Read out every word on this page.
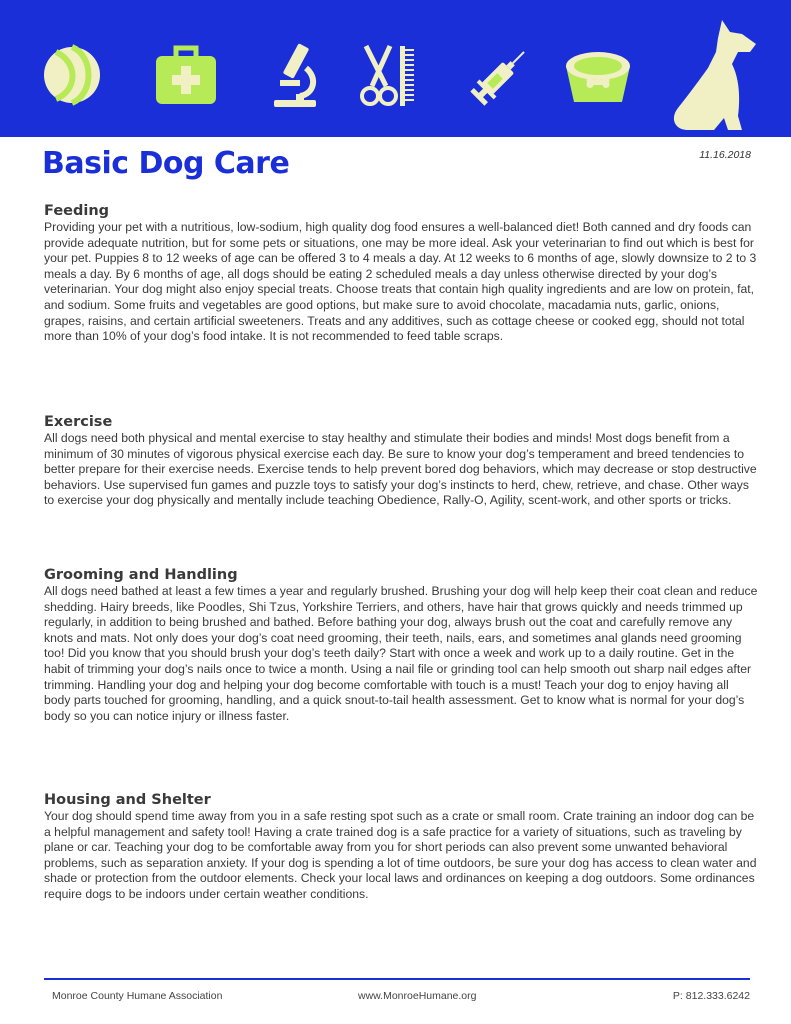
11.16.2018
Basic Dog Care
Feeding

Providing your pet with a nutritious, low-sodium, high quality dog food ensures a well-balanced diet! Both canned and dry foods can provide adequate nutrition, but for some pets or situations, one may be more ideal. Ask your veterinarian to find out which is best for your pet. Puppies 8 to 12 weeks of age can be offered 3 to 4 meals a day. At 12 weeks to 6 months of age, slowly downsize to 2 to 3 meals a day. By 6 months of age, all dogs should be eating 2 scheduled meals a day unless otherwise directed by your dog’s veterinarian. Your dog might also enjoy special treats. Choose treats that contain high quality ingredients and are low on protein, fat, and sodium. Some fruits and vegetables are good options, but make sure to avoid chocolate, macadamia nuts, garlic, onions, grapes, raisins, and certain artificial sweeteners. Treats and any additives, such as cottage cheese or cooked egg, should not total more than 10% of your dog’s food intake. It is not recommended to feed table scraps.

Exercise

All dogs need both physical and mental exercise to stay healthy and stimulate their bodies and minds! Most dogs benefit from a minimum of 30 minutes of vigorous physical exercise each day. Be sure to know your dog’s temperament and breed tendencies to better prepare for their exercise needs. Exercise tends to help prevent bored dog behaviors, which may decrease or stop destructive behaviors. Use supervised fun games and puzzle toys to satisfy your dog’s instincts to herd, chew, retrieve, and chase. Other ways to exercise your dog physically and mentally include teaching Obedience, Rally-O, Agility, scent-work, and other sports or tricks.

Grooming and Handling

All dogs need bathed at least a few times a year and regularly brushed. Brushing your dog will help keep their coat clean and reduce shedding. Hairy breeds, like Poodles, Shi Tzus, Yorkshire Terriers, and others, have hair that grows quickly and needs trimmed up regularly, in addition to being brushed and bathed. Before bathing your dog, always brush out the coat and carefully remove any knots and mats. Not only does your dog’s coat need grooming, their teeth, nails, ears, and sometimes anal glands need grooming too! Did you know that you should brush your dog’s teeth daily? Start with once a week and work up to a daily routine. Get in the habit of trimming your dog’s nails once to twice a month. Using a nail file or grinding tool can help smooth out sharp nail edges after trimming. Handling your dog and helping your dog become comfortable with touch is a must! Teach your dog to enjoy having all body parts touched for grooming, handling, and a quick snout-to-tail health assessment. Get to know what is normal for your dog’s body so you can notice injury or illness faster.

Housing and Shelter

Your dog should spend time away from you in a safe resting spot such as a crate or small room. Crate training an indoor dog can be a helpful management and safety tool! Having a crate trained dog is a safe practice for a variety of situations, such as traveling by plane or car. Teaching your dog to be comfortable away from you for short periods can also prevent some unwanted behavioral problems, such as separation anxiety. If your dog is spending a lot of time outdoors, be sure your dog has access to clean water and shade or protection from the outdoor elements. Check your local laws and ordinances on keeping a dog outdoors. Some ordinances require dogs to be indoors under certain weather conditions.

Monroe County Humane Association	www.MonroeHumane.org	P: 812.333.6242
